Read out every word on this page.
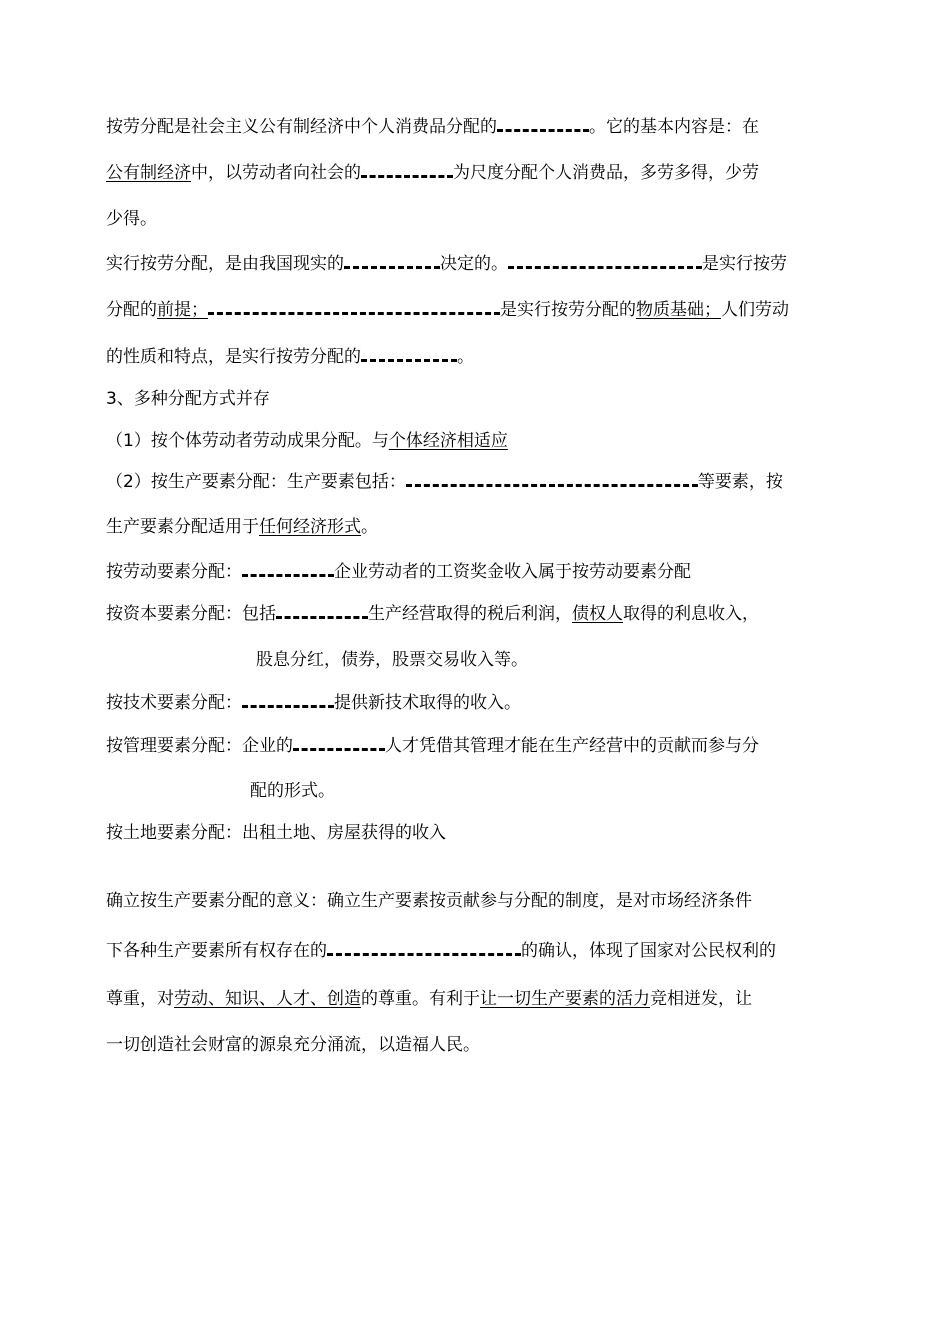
按劳分配是社会主义公有制经济中个人消费品分配的	。它的基本内容是：在
公有制经济中，以劳动者向社会的	为尺度分配个人消费品，多劳多得，少劳
少得。
实行按劳分配，是由我国现实的	决定的。	是实行按劳
分配的前提；	是实行按劳分配的物质基础；人们劳动
的性质和特点，是实行按劳分配的	。
3、多种分配方式并存
（1）按个体劳动者劳动成果分配。与个体经济相适应
（2）按生产要素分配：生产要素包括：	等要素，按
生产要素分配适用于任何经济形式。
按劳动要素分配：	企业劳动者的工资奖金收入属于按劳动要素分配
按资本要素分配：包括	生产经营取得的税后利润，债权人取得的利息收入，
股息分红，债券，股票交易收入等。
按技术要素分配：	提供新技术取得的收入。
按管理要素分配：企业的	人才凭借其管理才能在生产经营中的贡献而参与分
配的形式。
按土地要素分配：出租土地、房屋获得的收入
确立按生产要素分配的意义：确立生产要素按贡献参与分配的制度，是对市场经济条件
下各种生产要素所有权存在的	的确认，体现了国家对公民权利的
尊重，对劳动、知识、人才、创造的尊重。有利于让一切生产要素的活力竞相迸发，让
一切创造社会财富的源泉充分涌流，以造福人民。
